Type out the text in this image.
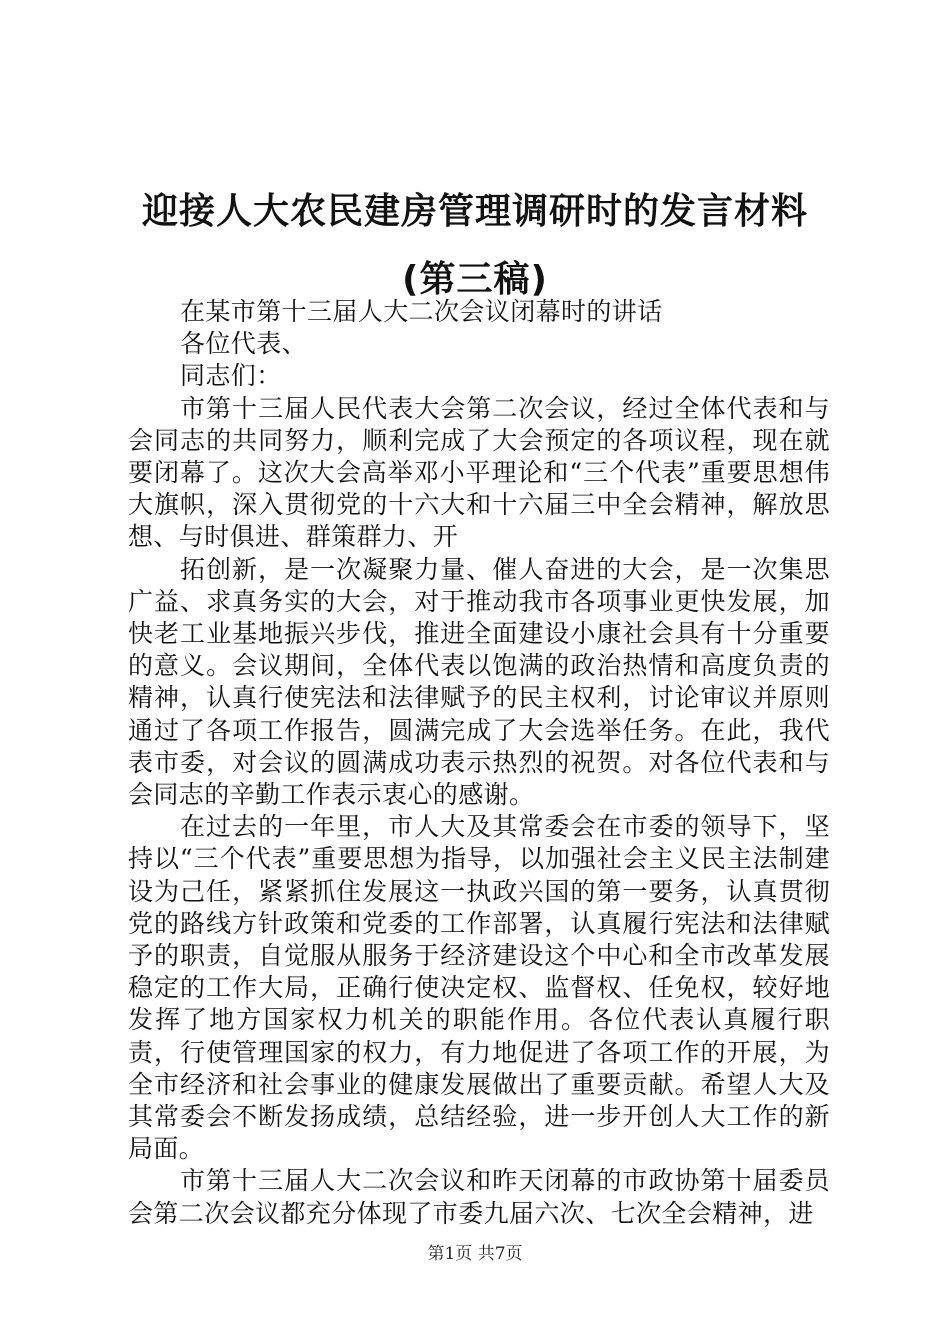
迎接人大农民建房管理调研时的发言材料(第三稿)

在某市第十三届人大二次会议闭幕时的讲话

各位代表、

同志们：

市第十三届人民代表大会第二次会议，经过全体代表和与会同志的共同努力，顺利完成了大会预定的各项议程，现在就要闭幕了。这次大会高举邓小平理论和“三个代表”重要思想伟大旗帜，深入贯彻党的十六大和十六届三中全会精神，解放思想、与时俱进、群策群力、开

拓创新，是一次凝聚力量、催人奋进的大会，是一次集思广益、求真务实的大会，对于推动我市各项事业更快发展，加快老工业基地振兴步伐，推进全面建设小康社会具有十分重要的意义。会议期间，全体代表以饱满的政治热情和高度负责的精神，认真行使宪法和法律赋予的民主权利，讨论审议并原则通过了各项工作报告，圆满完成了大会选举任务。在此，我代表市委，对会议的圆满成功表示热烈的祝贺。对各位代表和与会同志的辛勤工作表示衷心的感谢。

在过去的一年里，市人大及其常委会在市委的领导下，坚持以“三个代表”重要思想为指导，以加强社会主义民主法制建设为己任，紧紧抓住发展这一执政兴国的第一要务，认真贯彻党的路线方针政策和党委的工作部署，认真履行宪法和法律赋予的职责，自觉服从服务于经济建设这个中心和全市改革发展稳定的工作大局，正确行使决定权、监督权、任免权，较好地发挥了地方国家权力机关的职能作用。各位代表认真履行职责，行使管理国家的权力，有力地促进了各项工作的开展，为全市经济和社会事业的健康发展做出了重要贡献。希望人大及其常委会不断发扬成绩，总结经验，进一步开创人大工作的新局面。

市第十三届人大二次会议和昨天闭幕的市政协第十届委员会第二次会议都充分体现了市委九届六次、七次全会精神，进

第1页 共7页
